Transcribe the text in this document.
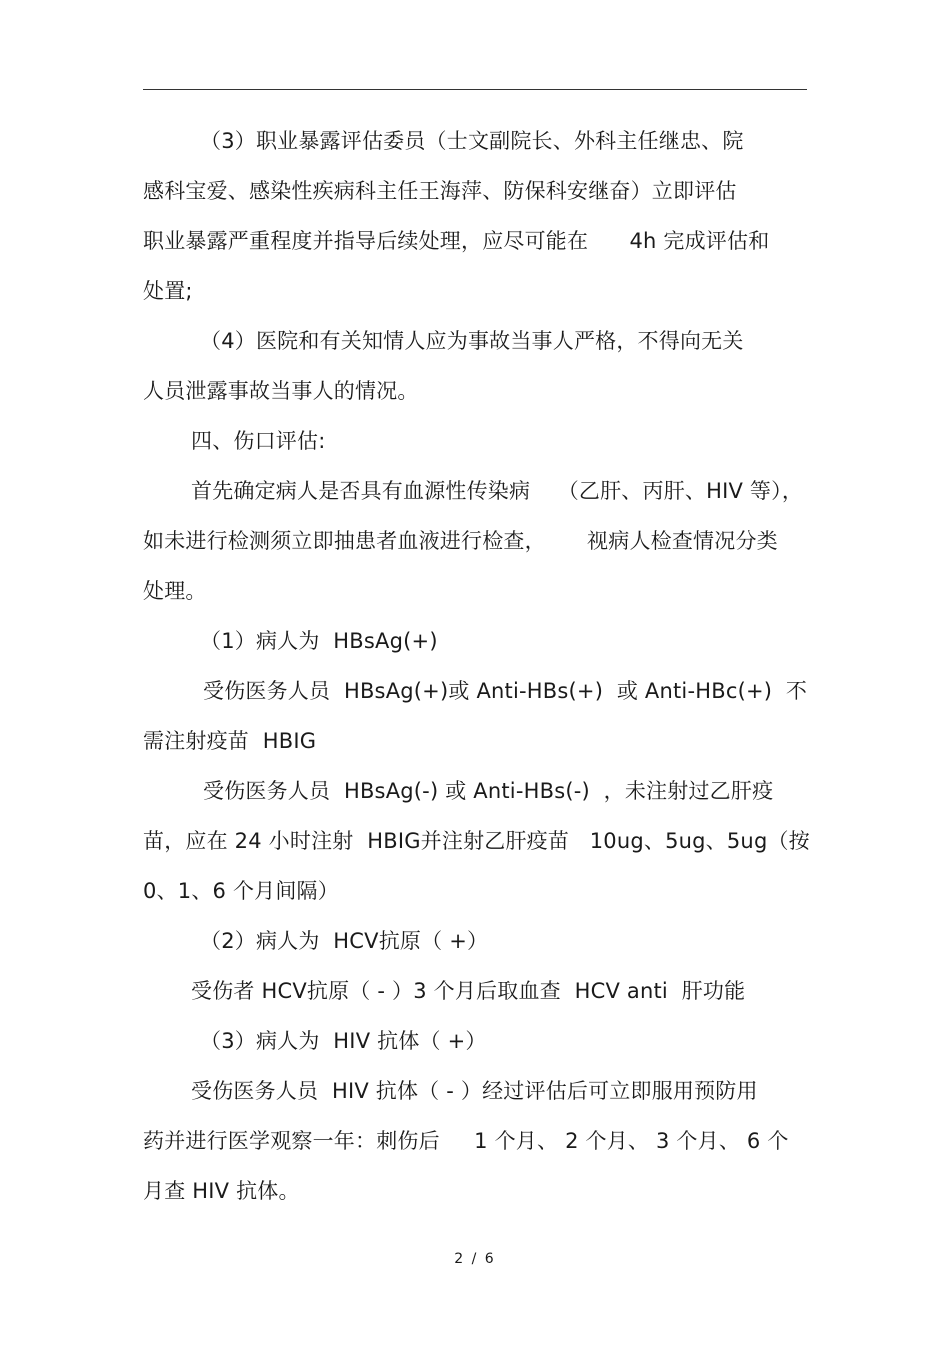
（3）职业暴露评估委员（士文副院长、外科主任继忠、院
感科宝爱、感染性疾病科主任王海萍、防保科安继奋）立即评估
职业暴露严重程度并指导后续处理，应尽可能在      4h 完成评估和
处置;
（4）医院和有关知情人应为事故当事人严格，不得向无关
人员泄露事故当事人的情况。
四、伤口评估:
首先确定病人是否具有血源性传染病    （乙肝、丙肝、HIV 等），
如未进行检测须立即抽患者血液进行检查，      视病人检查情况分类
处理。
（1）病人为  HBsAg(+)
受伤医务人员  HBsAg(+)或 Anti-HBs(+)  或 Anti-HBc(+)  不
需注射疫苗  HBIG
受伤医务人员  HBsAg(-) 或 Anti-HBs(-)  ，未注射过乙肝疫
苗，应在 24 小时注射  HBIG并注射乙肝疫苗   10ug、5ug、5ug（按
0、1、6 个月间隔）
（2）病人为  HCV抗原（ +）
受伤者 HCV抗原（ - ）3 个月后取血查  HCV anti  肝功能
（3）病人为  HIV 抗体（ +）
受伤医务人员  HIV 抗体（ - ）经过评估后可立即服用预防用
药并进行医学观察一年：刺伤后     1 个月、 2 个月、 3 个月、 6 个
月查 HIV 抗体。
2 / 6
